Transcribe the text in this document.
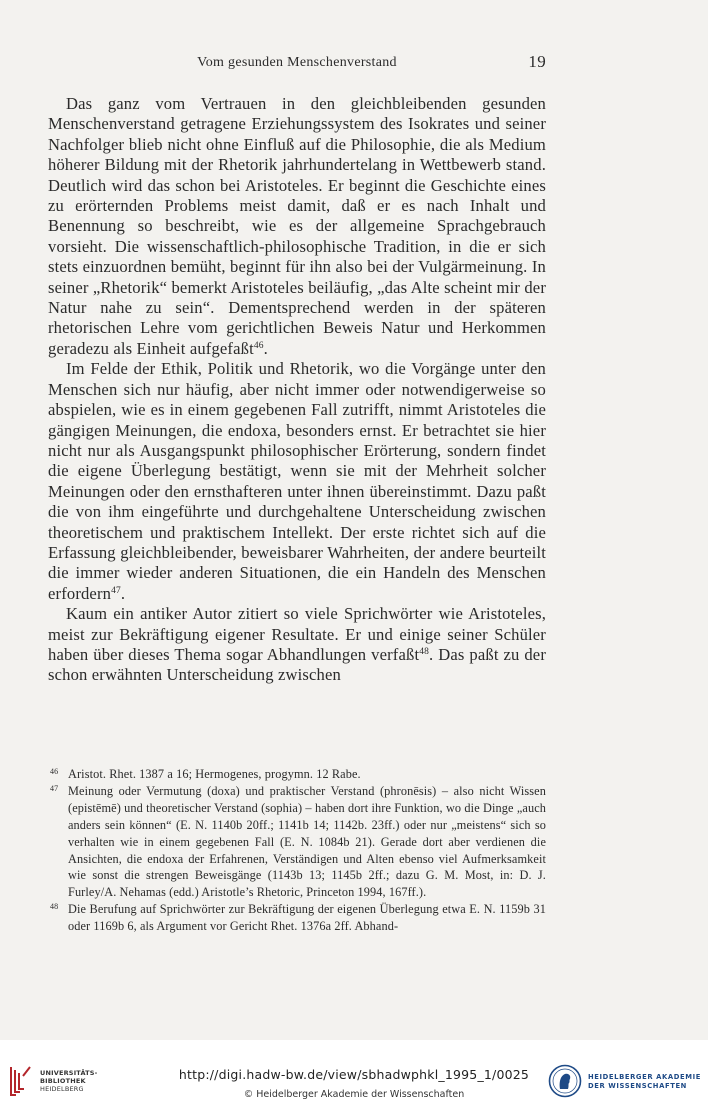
Vom gesunden Menschenverstand	19

Das ganz vom Vertrauen in den gleichbleibenden gesunden Menschenverstand getragene Erziehungssystem des Isokrates und seiner Nachfolger blieb nicht ohne Einfluß auf die Philosophie, die als Medium höherer Bildung mit der Rhetorik jahrhundertelang in Wettbewerb stand. Deutlich wird das schon bei Aristoteles. Er beginnt die Geschichte eines zu erörternden Problems meist damit, daß er es nach Inhalt und Benennung so beschreibt, wie es der allgemeine Sprachgebrauch vorsieht. Die wissenschaftlich-philosophische Tradition, in die er sich stets einzuordnen bemüht, beginnt für ihn also bei der Vulgärmeinung. In seiner „Rhetorik“ bemerkt Aristoteles beiläufig, „das Alte scheint mir der Natur nahe zu sein“. Dementsprechend werden in der späteren rhetorischen Lehre vom gerichtlichen Beweis Natur und Herkommen geradezu als Einheit aufgefaßt$^{46}$.

Im Felde der Ethik, Politik und Rhetorik, wo die Vorgänge unter den Menschen sich nur häufig, aber nicht immer oder notwendigerweise so abspielen, wie es in einem gegebenen Fall zutrifft, nimmt Aristoteles die gängigen Meinungen, die endoxa, besonders ernst. Er betrachtet sie hier nicht nur als Ausgangspunkt philosophischer Erörterung, sondern findet die eigene Überlegung bestätigt, wenn sie mit der Mehrheit solcher Meinungen oder den ernsthafteren unter ihnen übereinstimmt. Dazu paßt die von ihm eingeführte und durchgehaltene Unterscheidung zwischen theoretischem und praktischem Intellekt. Der erste richtet sich auf die Erfassung gleichbleibender, beweisbarer Wahrheiten, der andere beurteilt die immer wieder anderen Situationen, die ein Handeln des Menschen erfordern$^{47}$.

Kaum ein antiker Autor zitiert so viele Sprichwörter wie Aristoteles, meist zur Bekräftigung eigener Resultate. Er und einige seiner Schüler haben über dieses Thema sogar Abhandlungen verfaßt$^{48}$. Das paßt zu der schon erwähnten Unterscheidung zwischen

46 Aristot. Rhet. 1387 a 16; Hermogenes, progymn. 12 Rabe.

47 Meinung oder Vermutung (doxa) und praktischer Verstand (phronēsis) – also nicht Wissen (epistēmē) und theoretischer Verstand (sophia) – haben dort ihre Funktion, wo die Dinge „auch anders sein können“ (E. N. 1140b 20ff.; 1141b 14; 1142b. 23ff.) oder nur „meistens“ sich so verhalten wie in einem gegebenen Fall (E. N. 1084b 21). Gerade dort aber verdienen die Ansichten, die endoxa der Erfahrenen, Verständigen und Alten ebenso viel Aufmerksamkeit wie sonst die strengen Beweisgänge (1143b 13; 1145b 2ff.; dazu G. M. Most, in: D. J. Furley/A. Nehamas (edd.) Aristotle’s Rhetoric, Princeton 1994, 167ff.).

48 Die Berufung auf Sprichwörter zur Bekräftigung der eigenen Überlegung etwa E. N. 1159b 31 oder 1169b 6, als Argument vor Gericht Rhet. 1376a 2ff. Abhand-

UNIVERSITÄTS-
BIBLIOTHEK
HEIDELBERG
http://digi.hadw-bw.de/view/sbhadwphkl_1995_1/0025
© Heidelberger Akademie der Wissenschaften
HEIDELBERGER AKADEMIE
DER WISSENSCHAFTEN
